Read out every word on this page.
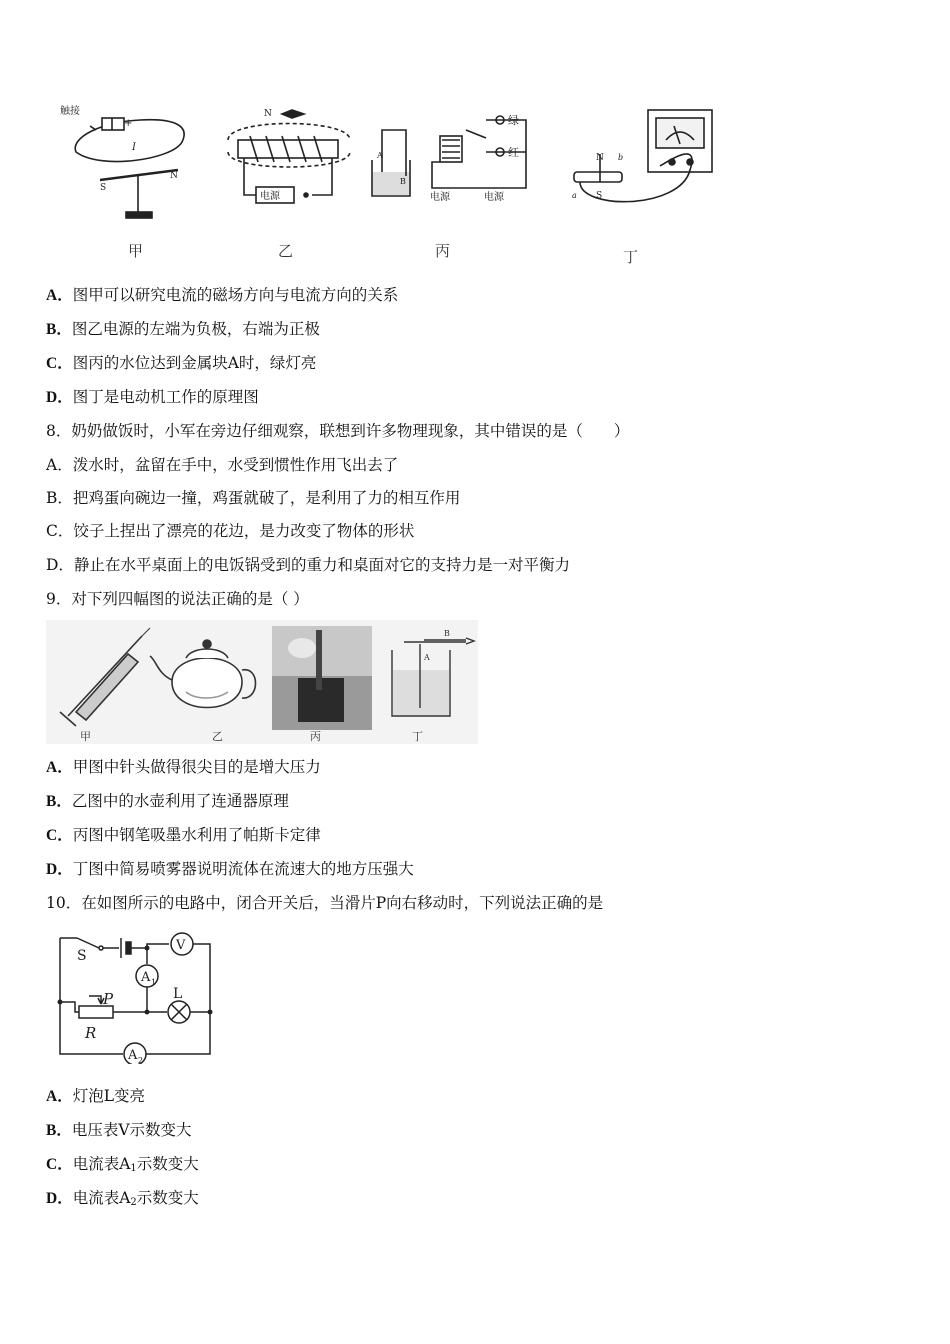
触接
+
I
S
N
N
电源
A
B
绿
红
电源	电源
N b
a S
甲	乙	丙	丁
A．图甲可以研究电流的磁场方向与电流方向的关系
B．图乙电源的左端为负极，右端为正极
C．图丙的水位达到金属块A时，绿灯亮
D．图丁是电动机工作的原理图
8．奶奶做饭时，小军在旁边仔细观察，联想到许多物理现象，其中错误的是（　　）
A．泼水时，盆留在手中，水受到惯性作用飞出去了
B．把鸡蛋向碗边一撞，鸡蛋就破了，是利用了力的相互作用
C．饺子上捏出了漂亮的花边，是力改变了物体的形状
D．静止在水平桌面上的电饭锅受到的重力和桌面对它的支持力是一对平衡力
9．对下列四幅图的说法正确的是（ ）
A
B
甲	乙	丙	丁
A．甲图中针头做得很尖目的是增大压力
B．乙图中的水壶利用了连通器原理
C．丙图中钢笔吸墨水利用了帕斯卡定律
D．丁图中简易喷雾器说明流体在流速大的地方压强大
10．在如图所示的电路中，闭合开关后，当滑片P向右移动时，下列说法正确的是
S
V
A 1
P	L
R
A 2
A．灯泡L变亮
B．电压表V示数变大
C．电流表$A_1$示数变大
D．电流表$A_2$示数变大
